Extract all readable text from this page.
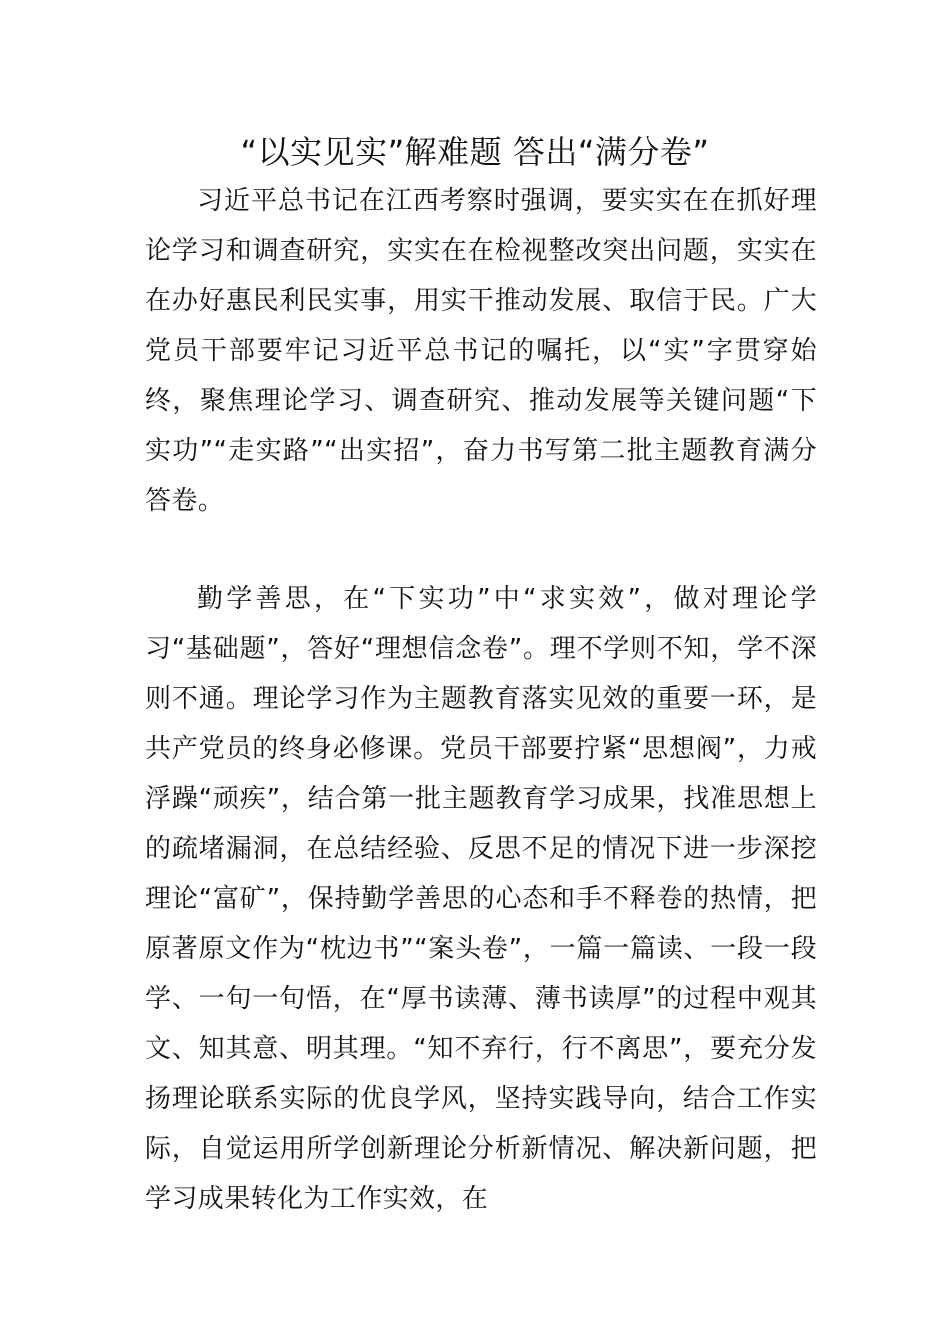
“以实见实”解难题 答出“满分卷”

习近平总书记在江西考察时强调，要实实在在抓好理论学习和调查研究，实实在在检视整改突出问题，实实在在办好惠民利民实事，用实干推动发展、取信于民。广大党员干部要牢记习近平总书记的嘱托，以“实”字贯穿始终，聚焦理论学习、调查研究、推动发展等关键问题“下实功”“走实路”“出实招”，奋力书写第二批主题教育满分答卷。

勤学善思，在“下实功”中“求实效”，做对理论学习“基础题”，答好“理想信念卷”。理不学则不知，学不深则不通。理论学习作为主题教育落实见效的重要一环，是共产党员的终身必修课。党员干部要拧紧“思想阀”，力戒浮躁“顽疾”，结合第一批主题教育学习成果，找准思想上的疏堵漏洞，在总结经验、反思不足的情况下进一步深挖理论“富矿”，保持勤学善思的心态和手不释卷的热情，把原著原文作为“枕边书”“案头卷”，一篇一篇读、一段一段学、一句一句悟，在“厚书读薄、薄书读厚”的过程中观其文、知其意、明其理。“知不弃行，行不离思”，要充分发扬理论联系实际的优良学风，坚持实践导向，结合工作实际，自觉运用所学创新理论分析新情况、解决新问题，把学习成果转化为工作实效，在
